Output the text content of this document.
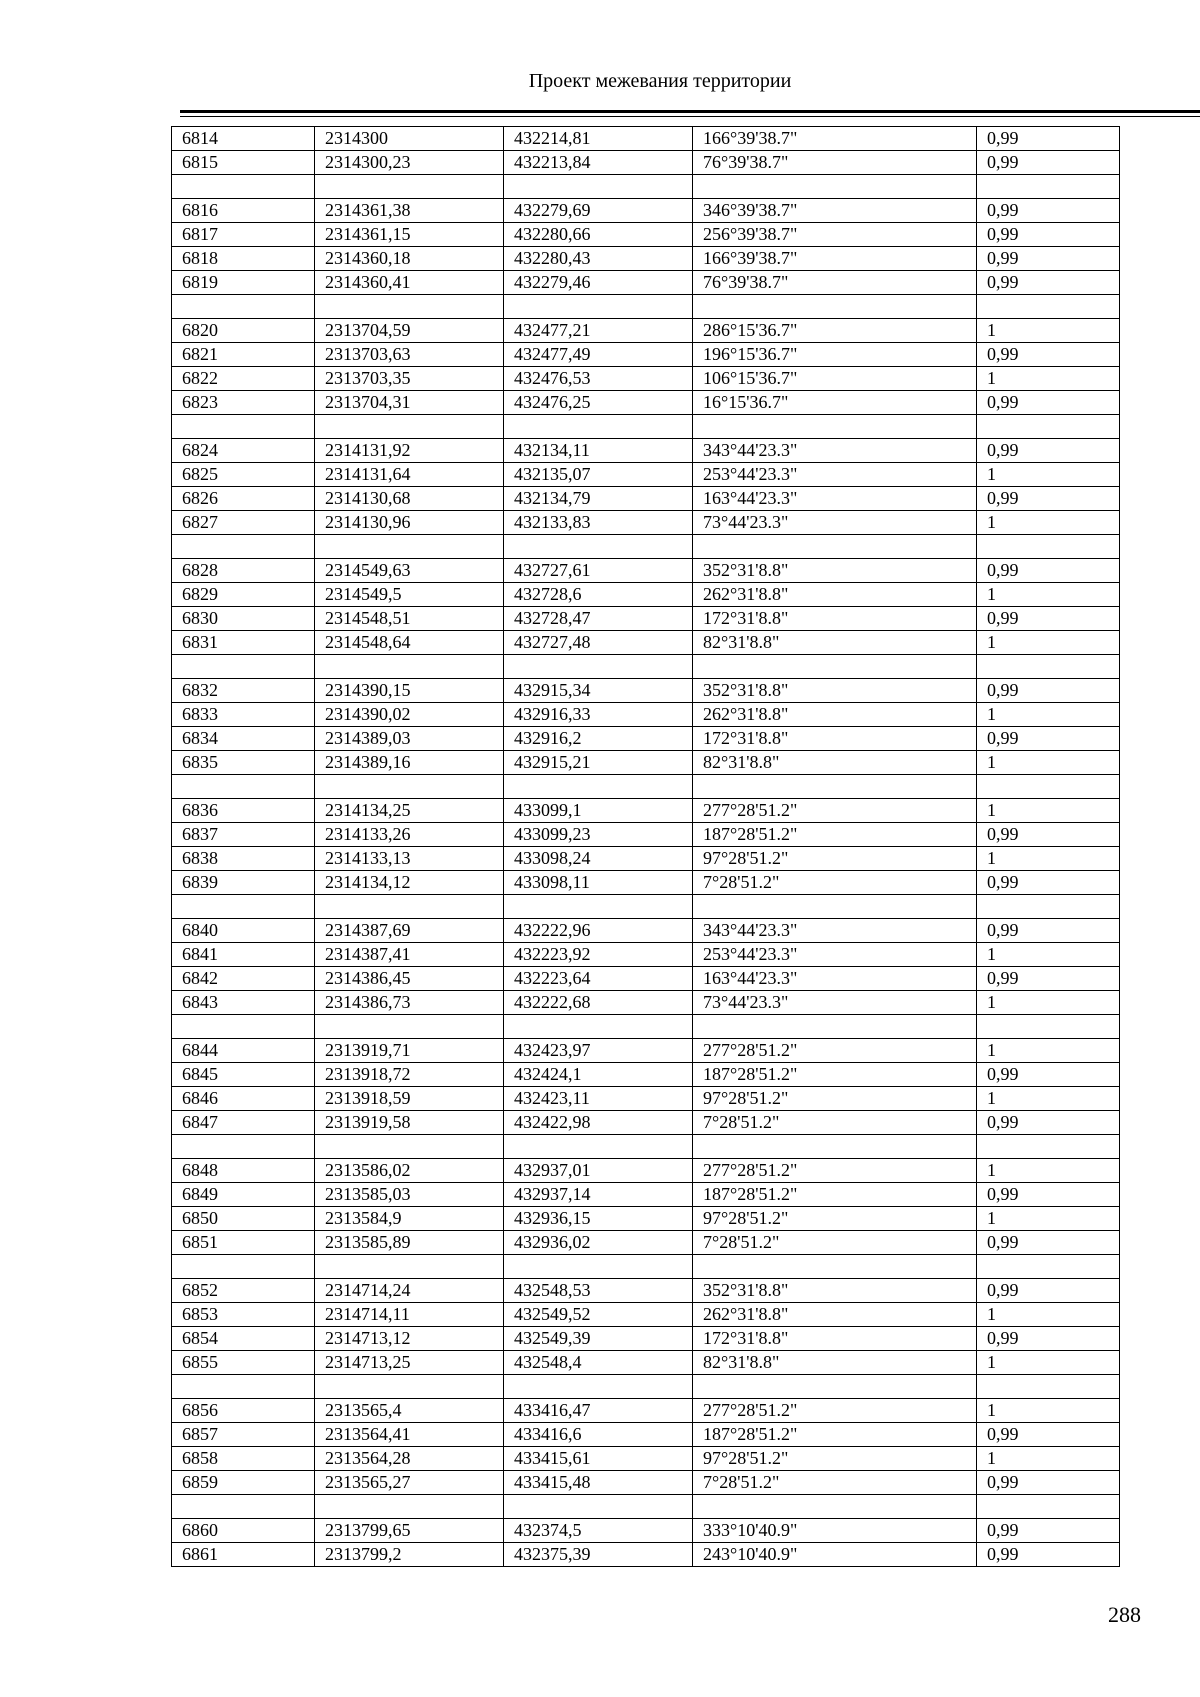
Проект межевания территории
6814	2314300	432214,81	166°39'38.7"	0,99
6815	2314300,23	432213,84	76°39'38.7"	0,99

6816	2314361,38	432279,69	346°39'38.7"	0,99
6817	2314361,15	432280,66	256°39'38.7"	0,99
6818	2314360,18	432280,43	166°39'38.7"	0,99
6819	2314360,41	432279,46	76°39'38.7"	0,99

6820	2313704,59	432477,21	286°15'36.7"	1
6821	2313703,63	432477,49	196°15'36.7"	0,99
6822	2313703,35	432476,53	106°15'36.7"	1
6823	2313704,31	432476,25	16°15'36.7"	0,99

6824	2314131,92	432134,11	343°44'23.3"	0,99
6825	2314131,64	432135,07	253°44'23.3"	1
6826	2314130,68	432134,79	163°44'23.3"	0,99
6827	2314130,96	432133,83	73°44'23.3"	1

6828	2314549,63	432727,61	352°31'8.8"	0,99
6829	2314549,5	432728,6	262°31'8.8"	1
6830	2314548,51	432728,47	172°31'8.8"	0,99
6831	2314548,64	432727,48	82°31'8.8"	1

6832	2314390,15	432915,34	352°31'8.8"	0,99
6833	2314390,02	432916,33	262°31'8.8"	1
6834	2314389,03	432916,2	172°31'8.8"	0,99
6835	2314389,16	432915,21	82°31'8.8"	1

6836	2314134,25	433099,1	277°28'51.2"	1
6837	2314133,26	433099,23	187°28'51.2"	0,99
6838	2314133,13	433098,24	97°28'51.2"	1
6839	2314134,12	433098,11	7°28'51.2"	0,99

6840	2314387,69	432222,96	343°44'23.3"	0,99
6841	2314387,41	432223,92	253°44'23.3"	1
6842	2314386,45	432223,64	163°44'23.3"	0,99
6843	2314386,73	432222,68	73°44'23.3"	1

6844	2313919,71	432423,97	277°28'51.2"	1
6845	2313918,72	432424,1	187°28'51.2"	0,99
6846	2313918,59	432423,11	97°28'51.2"	1
6847	2313919,58	432422,98	7°28'51.2"	0,99

6848	2313586,02	432937,01	277°28'51.2"	1
6849	2313585,03	432937,14	187°28'51.2"	0,99
6850	2313584,9	432936,15	97°28'51.2"	1
6851	2313585,89	432936,02	7°28'51.2"	0,99

6852	2314714,24	432548,53	352°31'8.8"	0,99
6853	2314714,11	432549,52	262°31'8.8"	1
6854	2314713,12	432549,39	172°31'8.8"	0,99
6855	2314713,25	432548,4	82°31'8.8"	1

6856	2313565,4	433416,47	277°28'51.2"	1
6857	2313564,41	433416,6	187°28'51.2"	0,99
6858	2313564,28	433415,61	97°28'51.2"	1
6859	2313565,27	433415,48	7°28'51.2"	0,99

6860	2313799,65	432374,5	333°10'40.9"	0,99
6861	2313799,2	432375,39	243°10'40.9"	0,99
288
